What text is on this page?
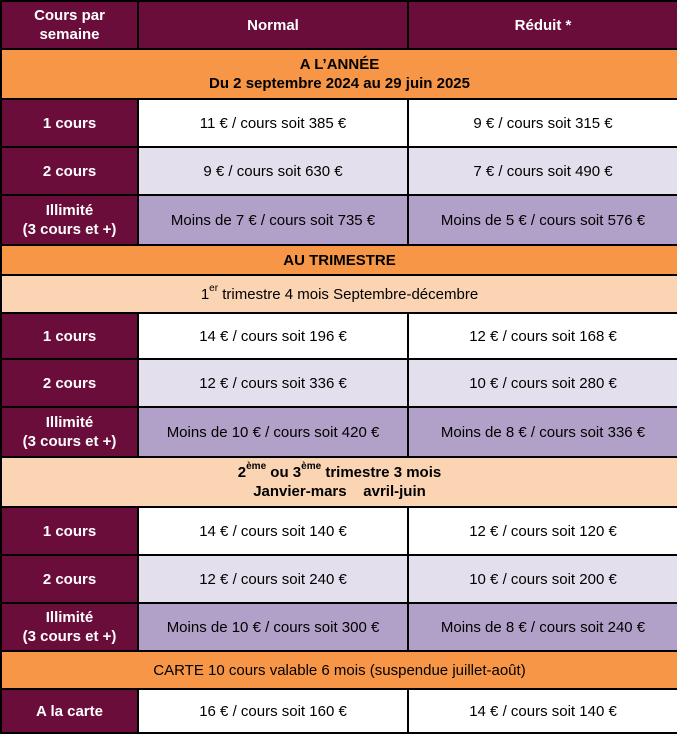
Cours par
semaine	Normal	Réduit *

A L’ANNÉE
Du 2 septembre 2024 au 29 juin 2025		

1 cours	11 € / cours soit 385 €	9 € / cours soit 315 €
2 cours	9 € / cours soit 630 €	7 € / cours soit 490 €

Illimité
(3 cours et +)	Moins de 7 € / cours soit 735 €	Moins de 5 € / cours soit 576 €
AU TRIMESTRE		
1er trimestre 4 mois Septembre-décembre		
1 cours	14 € / cours soit 196 €	12 € / cours soit 168 €
2 cours	12 € / cours soit 336 €	10 € / cours soit 280 €

Illimité
(3 cours et +)	Moins de 10 € / cours soit 420 €	Moins de 8 € / cours soit 336 €

2ème ou 3ème trimestre 3 mois
Janvier-mars    avril-juin		

1 cours	14 € / cours soit 140 €	12 € / cours soit 120 €
2 cours	12 € / cours soit 240 €	10 € / cours soit 200 €

Illimité
(3 cours et +)	Moins de 10 € / cours soit 300 €	Moins de 8 € / cours soit 240 €
CARTE 10 cours valable 6 mois (suspendue juillet-août)		
A la carte	16 € / cours soit 160 €	14 € / cours soit 140 €
